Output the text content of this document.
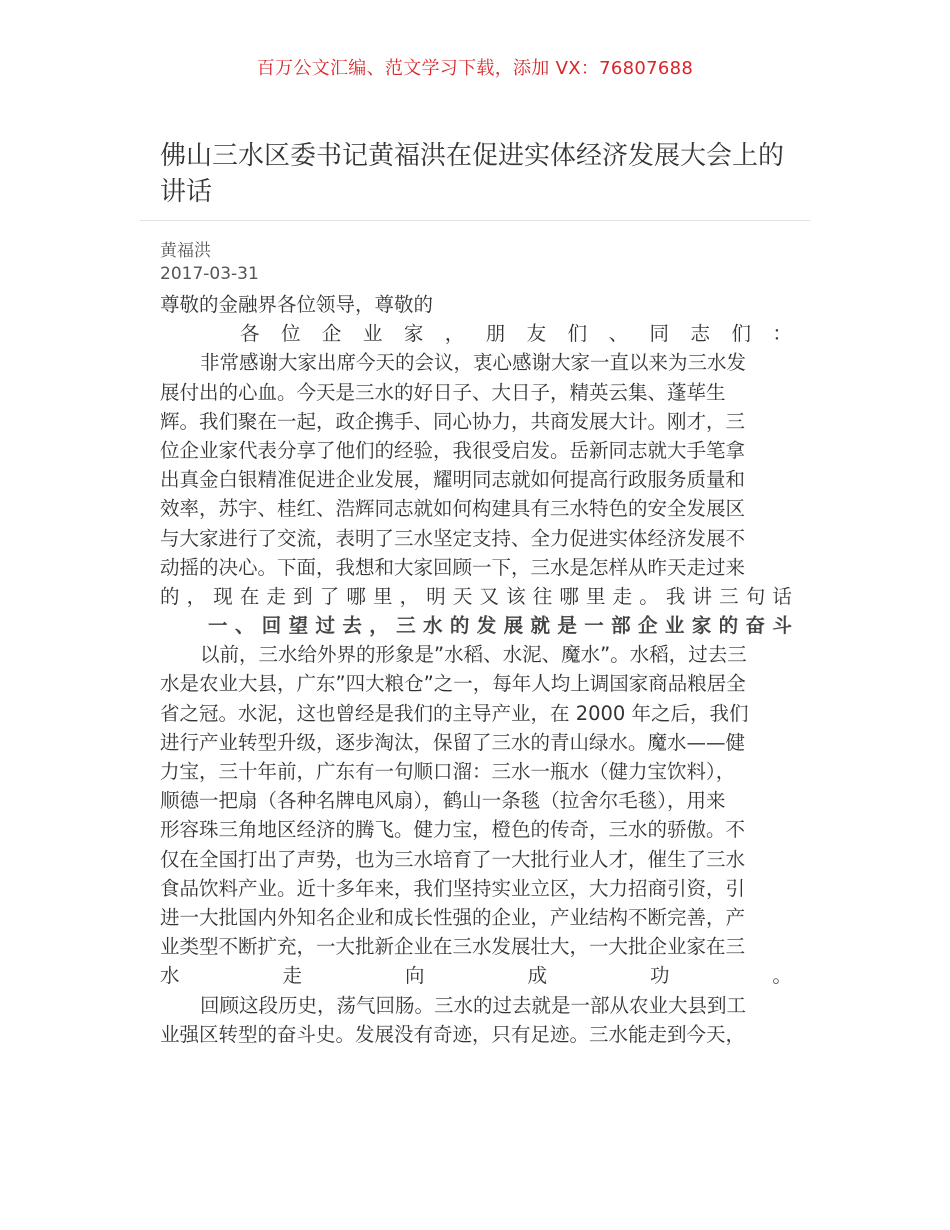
百万公文汇编、范文学习下载，添加 VX：76807688
佛山三水区委书记黄福洪在促进实体经济发展大会上的
讲话
黄福洪
2017-03-31
尊敬的金融界各位领导，尊敬的
各 位 企 业 家 ， 朋 友 们 、 同 志 们 ：
非常感谢大家出席今天的会议，衷心感谢大家一直以来为三水发
展付出的心血。今天是三水的好日子、大日子，精英云集、蓬荜生
辉。我们聚在一起，政企携手、同心协力，共商发展大计。刚才，三
位企业家代表分享了他们的经验，我很受启发。岳新同志就大手笔拿
出真金白银精准促进企业发展，耀明同志就如何提高行政服务质量和
效率，苏宇、桂红、浩辉同志就如何构建具有三水特色的安全发展区
与大家进行了交流，表明了三水坚定支持、全力促进实体经济发展不
动摇的决心。下面，我想和大家回顾一下，三水是怎样从昨天走过来
的 ， 现 在 走 到 了 哪 里 ， 明 天 又 该 往 哪 里 走 。 我 讲 三 句 话
一 、 回 望 过 去 ， 三 水 的 发 展 就 是 一 部 企 业 家 的 奋 斗
以前，三水给外界的形象是”水稻、水泥、魔水”。水稻，过去三
水是农业大县，广东”四大粮仓”之一，每年人均上调国家商品粮居全
省之冠。水泥，这也曾经是我们的主导产业，在 2000 年之后，我们
进行产业转型升级，逐步淘汰，保留了三水的青山绿水。魔水——健
力宝，三十年前，广东有一句顺口溜：三水一瓶水（健力宝饮料），
顺德一把扇（各种名牌电风扇），鹤山一条毯（拉舍尔毛毯），用来
形容珠三角地区经济的腾飞。健力宝，橙色的传奇，三水的骄傲。不
仅在全国打出了声势，也为三水培育了一大批行业人才，催生了三水
食品饮料产业。近十多年来，我们坚持实业立区，大力招商引资，引
进一大批国内外知名企业和成长性强的企业，产业结构不断完善，产
业类型不断扩充，一大批新企业在三水发展壮大，一大批企业家在三
水	走	向	成	功	。
回顾这段历史，荡气回肠。三水的过去就是一部从农业大县到工
业强区转型的奋斗史。发展没有奇迹，只有足迹。三水能走到今天，
